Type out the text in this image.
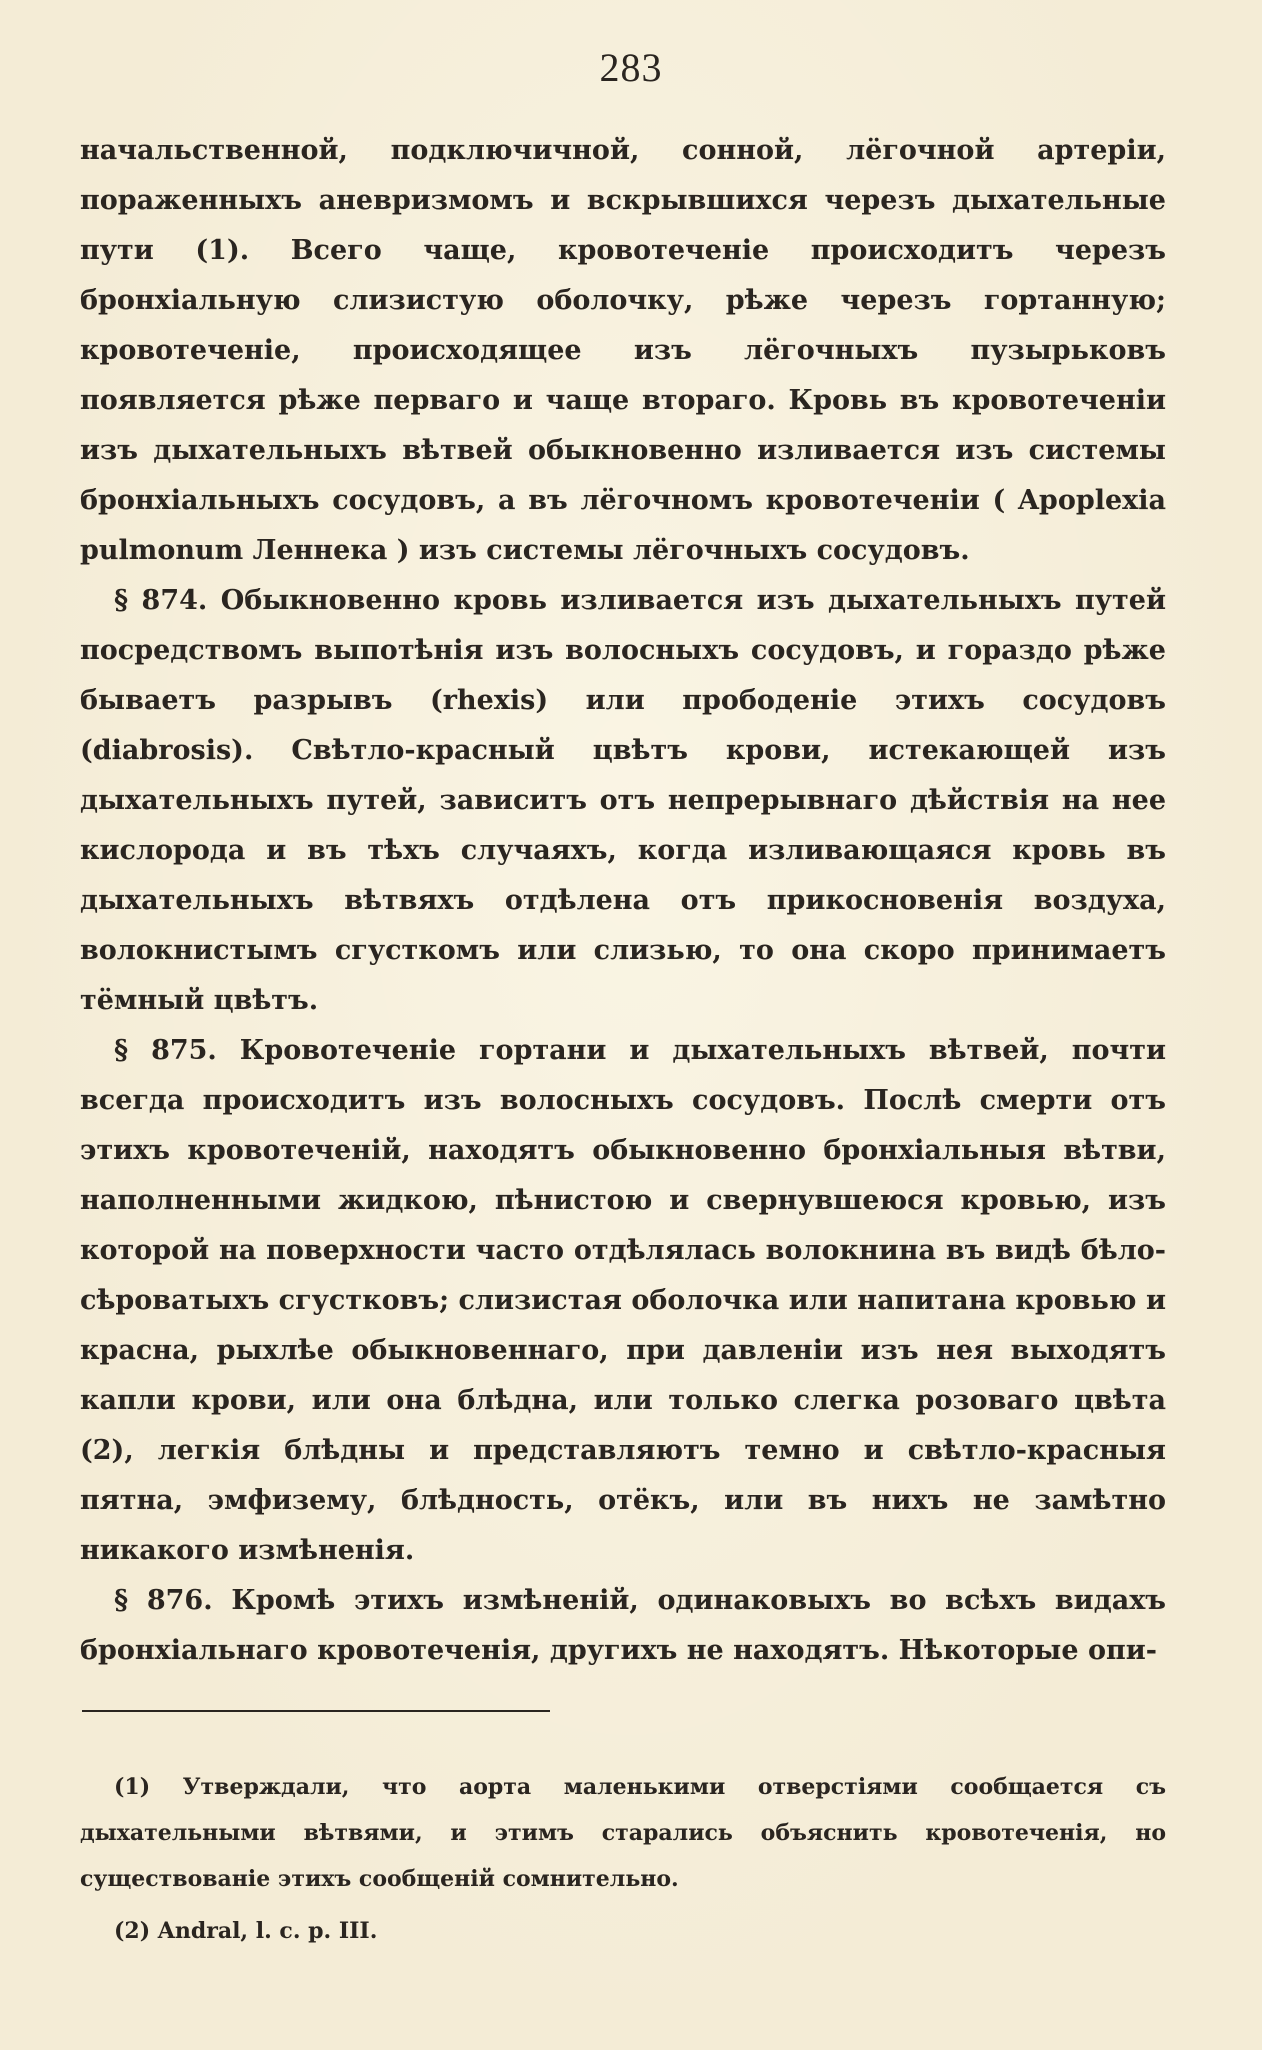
283

начальственной, подключичной, сонной, лёгочной артеріи, пораженныхъ аневризмомъ и вскрывшихся черезъ дыхательные пути (1). Всего чаще, кровотеченіе происходитъ черезъ бронхіальную слизистую оболочку, рѣже черезъ гортанную; кровотеченіе, происходящее изъ лёгочныхъ пузырьковъ появляется рѣже перваго и чаще втораго. Кровь въ кровотеченіи изъ дыхательныхъ вѣтвей обыкновенно изливается изъ системы бронхіальныхъ сосудовъ, а въ лёгочномъ кровотеченіи ( Apoplexia pulmonum Леннека ) изъ системы лёгочныхъ сосудовъ.

§ 874. Обыкновенно кровь изливается изъ дыхательныхъ путей посредствомъ выпотѣнія изъ волосныхъ сосудовъ, и гораздо рѣже бываетъ разрывъ (rhexis) или прободеніе этихъ сосудовъ (diabrosis). Свѣтло-красный цвѣтъ крови, истекающей изъ дыхательныхъ путей, зависитъ отъ непрерывнаго дѣйствія на нее кислорода и въ тѣхъ случаяхъ, когда изливающаяся кровь въ дыхательныхъ вѣтвяхъ отдѣлена отъ прикосновенія воздуха, волокнистымъ сгусткомъ или слизью, то она скоро принимаетъ тёмный цвѣтъ.

§ 875. Кровотеченіе гортани и дыхательныхъ вѣтвей, почти всегда происходитъ изъ волосныхъ сосудовъ. Послѣ смерти отъ этихъ кровотеченій, находятъ обыкновенно бронхіальныя вѣтви, наполненными жидкою, пѣнистою и свернувшеюся кровью, изъ которой на поверхности часто отдѣлялась волокнина въ видѣ бѣло-сѣроватыхъ сгустковъ; слизистая оболочка или напитана кровью и красна, рыхлѣе обыкновеннаго, при давленіи изъ нея выходятъ капли крови, или она блѣдна, или только слегка розоваго цвѣта (2), легкія блѣдны и представляютъ темно и свѣтло-красныя пятна, эмфизему, блѣдность, отёкъ, или въ нихъ не замѣтно никакого измѣненія.

§ 876. Кромѣ этихъ измѣненій, одинаковыхъ во всѣхъ видахъ бронхіальнаго кровотеченія, другихъ не находятъ. Нѣкоторые опи-

(1) Утверждали, что аорта маленькими отверстіями сообщается съ дыхательными вѣтвями, и этимъ старались объяснить кровотеченія, но существованіе этихъ сообщеній сомнительно.

(2) Andral, l. c. p. III.
